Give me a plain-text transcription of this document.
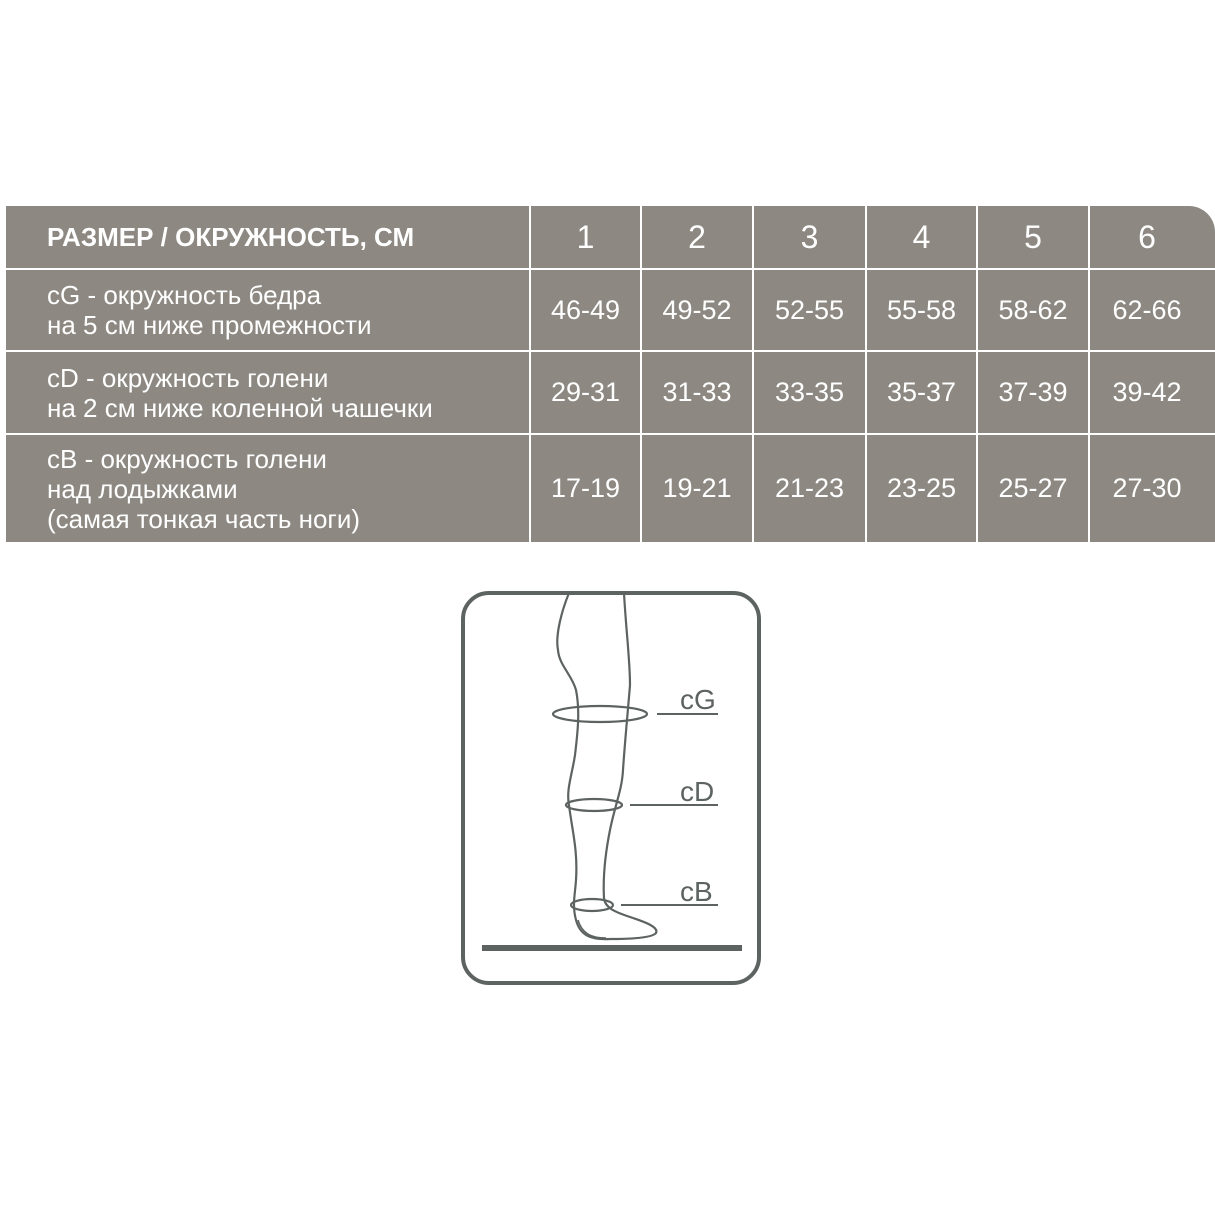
РАЗМЕР / ОКРУЖНОСТЬ, СМ	1	2	3	4	5	6
cG - окружность бедра
на 5 см ниже промежности
46-49	49-52	52-55	55-58	58-62	62-66
cD - окружность голени
на 2 см ниже коленной чашечки
29-31	31-33	33-35	35-37	37-39	39-42
cB - окружность голени
над лодыжками
(самая тонкая часть ноги)
17-19	19-21	21-23	23-25	25-27	27-30
cG
cD
cB
